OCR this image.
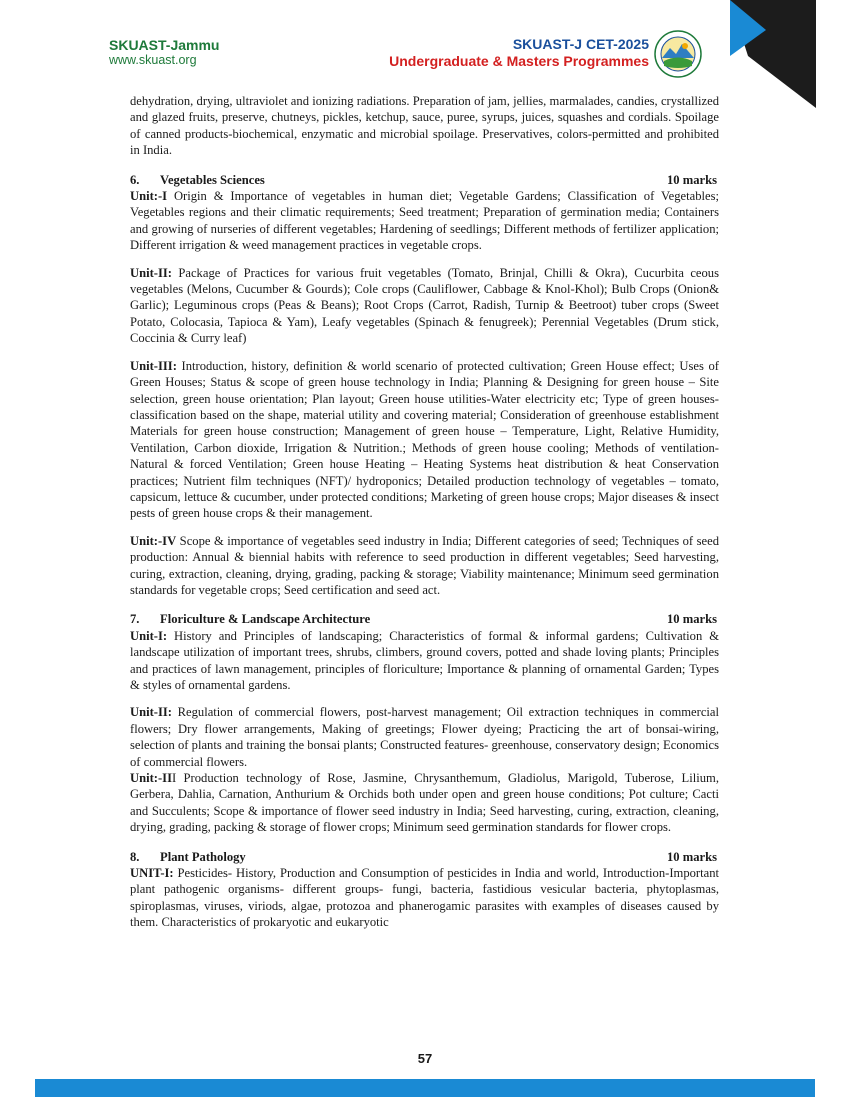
SKUAST-Jammu
www.skuast.org
SKUAST-J CET-2025
Undergraduate & Masters Programmes

dehydration, drying, ultraviolet and ionizing radiations. Preparation of jam, jellies, marmalades, candies, crystallized and glazed fruits, preserve, chutneys, pickles, ketchup, sauce, puree, syrups, juices, squashes and cordials. Spoilage of canned products-biochemical, enzymatic and microbial spoilage. Preservatives, colors-permitted and prohibited in India.

6. Vegetables Sciences	10 marks

Unit:-I Origin & Importance of vegetables in human diet; Vegetable Gardens; Classification of Vegetables; Vegetables regions and their climatic requirements; Seed treatment; Preparation of germination media; Containers and growing of nurseries of different vegetables; Hardening of seedlings; Different methods of fertilizer application; Different irrigation & weed management practices in vegetable crops.

Unit-II: Package of Practices for various fruit vegetables (Tomato, Brinjal, Chilli & Okra), Cucurbita ceous vegetables (Melons, Cucumber & Gourds); Cole crops (Cauliflower, Cabbage & Knol-Khol); Bulb Crops (Onion& Garlic); Leguminous crops (Peas & Beans); Root Crops (Carrot, Radish, Turnip & Beetroot) tuber crops (Sweet Potato, Colocasia, Tapioca & Yam), Leafy vegetables (Spinach & fenugreek); Perennial Vegetables (Drum stick, Coccinia & Curry leaf)

Unit-III: Introduction, history, definition & world scenario of protected cultivation; Green House effect; Uses of Green Houses; Status & scope of green house technology in India; Planning & Designing for green house – Site selection, green house orientation; Plan layout; Green house utilities-Water electricity etc; Type of green houses-classification based on the shape, material utility and covering material; Consideration of greenhouse establishment Materials for green house construction; Management of green house – Temperature, Light, Relative Humidity, Ventilation, Carbon dioxide, Irrigation & Nutrition.; Methods of green house cooling; Methods of ventilation-Natural & forced Ventilation; Green house Heating – Heating Systems heat distribution & heat Conservation practices; Nutrient film techniques (NFT)/ hydroponics; Detailed production technology of vegetables – tomato, capsicum, lettuce & cucumber, under protected conditions; Marketing of green house crops; Major diseases & insect pests of green house crops & their management.

Unit:-IV Scope & importance of vegetables seed industry in India; Different categories of seed; Techniques of seed production: Annual & biennial habits with reference to seed production in different vegetables; Seed harvesting, curing, extraction, cleaning, drying, grading, packing & storage; Viability maintenance; Minimum seed germination standards for vegetable crops; Seed certification and seed act.

7. Floriculture & Landscape Architecture	10 marks

Unit-I: History and Principles of landscaping; Characteristics of formal & informal gardens; Cultivation & landscape utilization of important trees, shrubs, climbers, ground covers, potted and shade loving plants; Principles and practices of lawn management, principles of floriculture; Importance & planning of ornamental Garden; Types & styles of ornamental gardens.

Unit-II: Regulation of commercial flowers, post-harvest management; Oil extraction techniques in commercial flowers; Dry flower arrangements, Making of greetings; Flower dyeing; Practicing the art of bonsai-wiring, selection of plants and training the bonsai plants; Constructed features- greenhouse, conservatory design; Economics of commercial flowers.

Unit:-III Production technology of Rose, Jasmine, Chrysanthemum, Gladiolus, Marigold, Tuberose, Lilium, Gerbera, Dahlia, Carnation, Anthurium & Orchids both under open and green house conditions; Pot culture; Cacti and Succulents; Scope & importance of flower seed industry in India; Seed harvesting, curing, extraction, cleaning, drying, grading, packing & storage of flower crops; Minimum seed germination standards for flower crops.

8. Plant Pathology	10 marks

UNIT-I: Pesticides- History, Production and Consumption of pesticides in India and world, Introduction-Important plant pathogenic organisms- different groups- fungi, bacteria, fastidious vesicular bacteria, phytoplasmas, spiroplasmas, viruses, viriods, algae, protozoa and phanerogamic parasites with examples of diseases caused by them. Characteristics of prokaryotic and eukaryotic

57
